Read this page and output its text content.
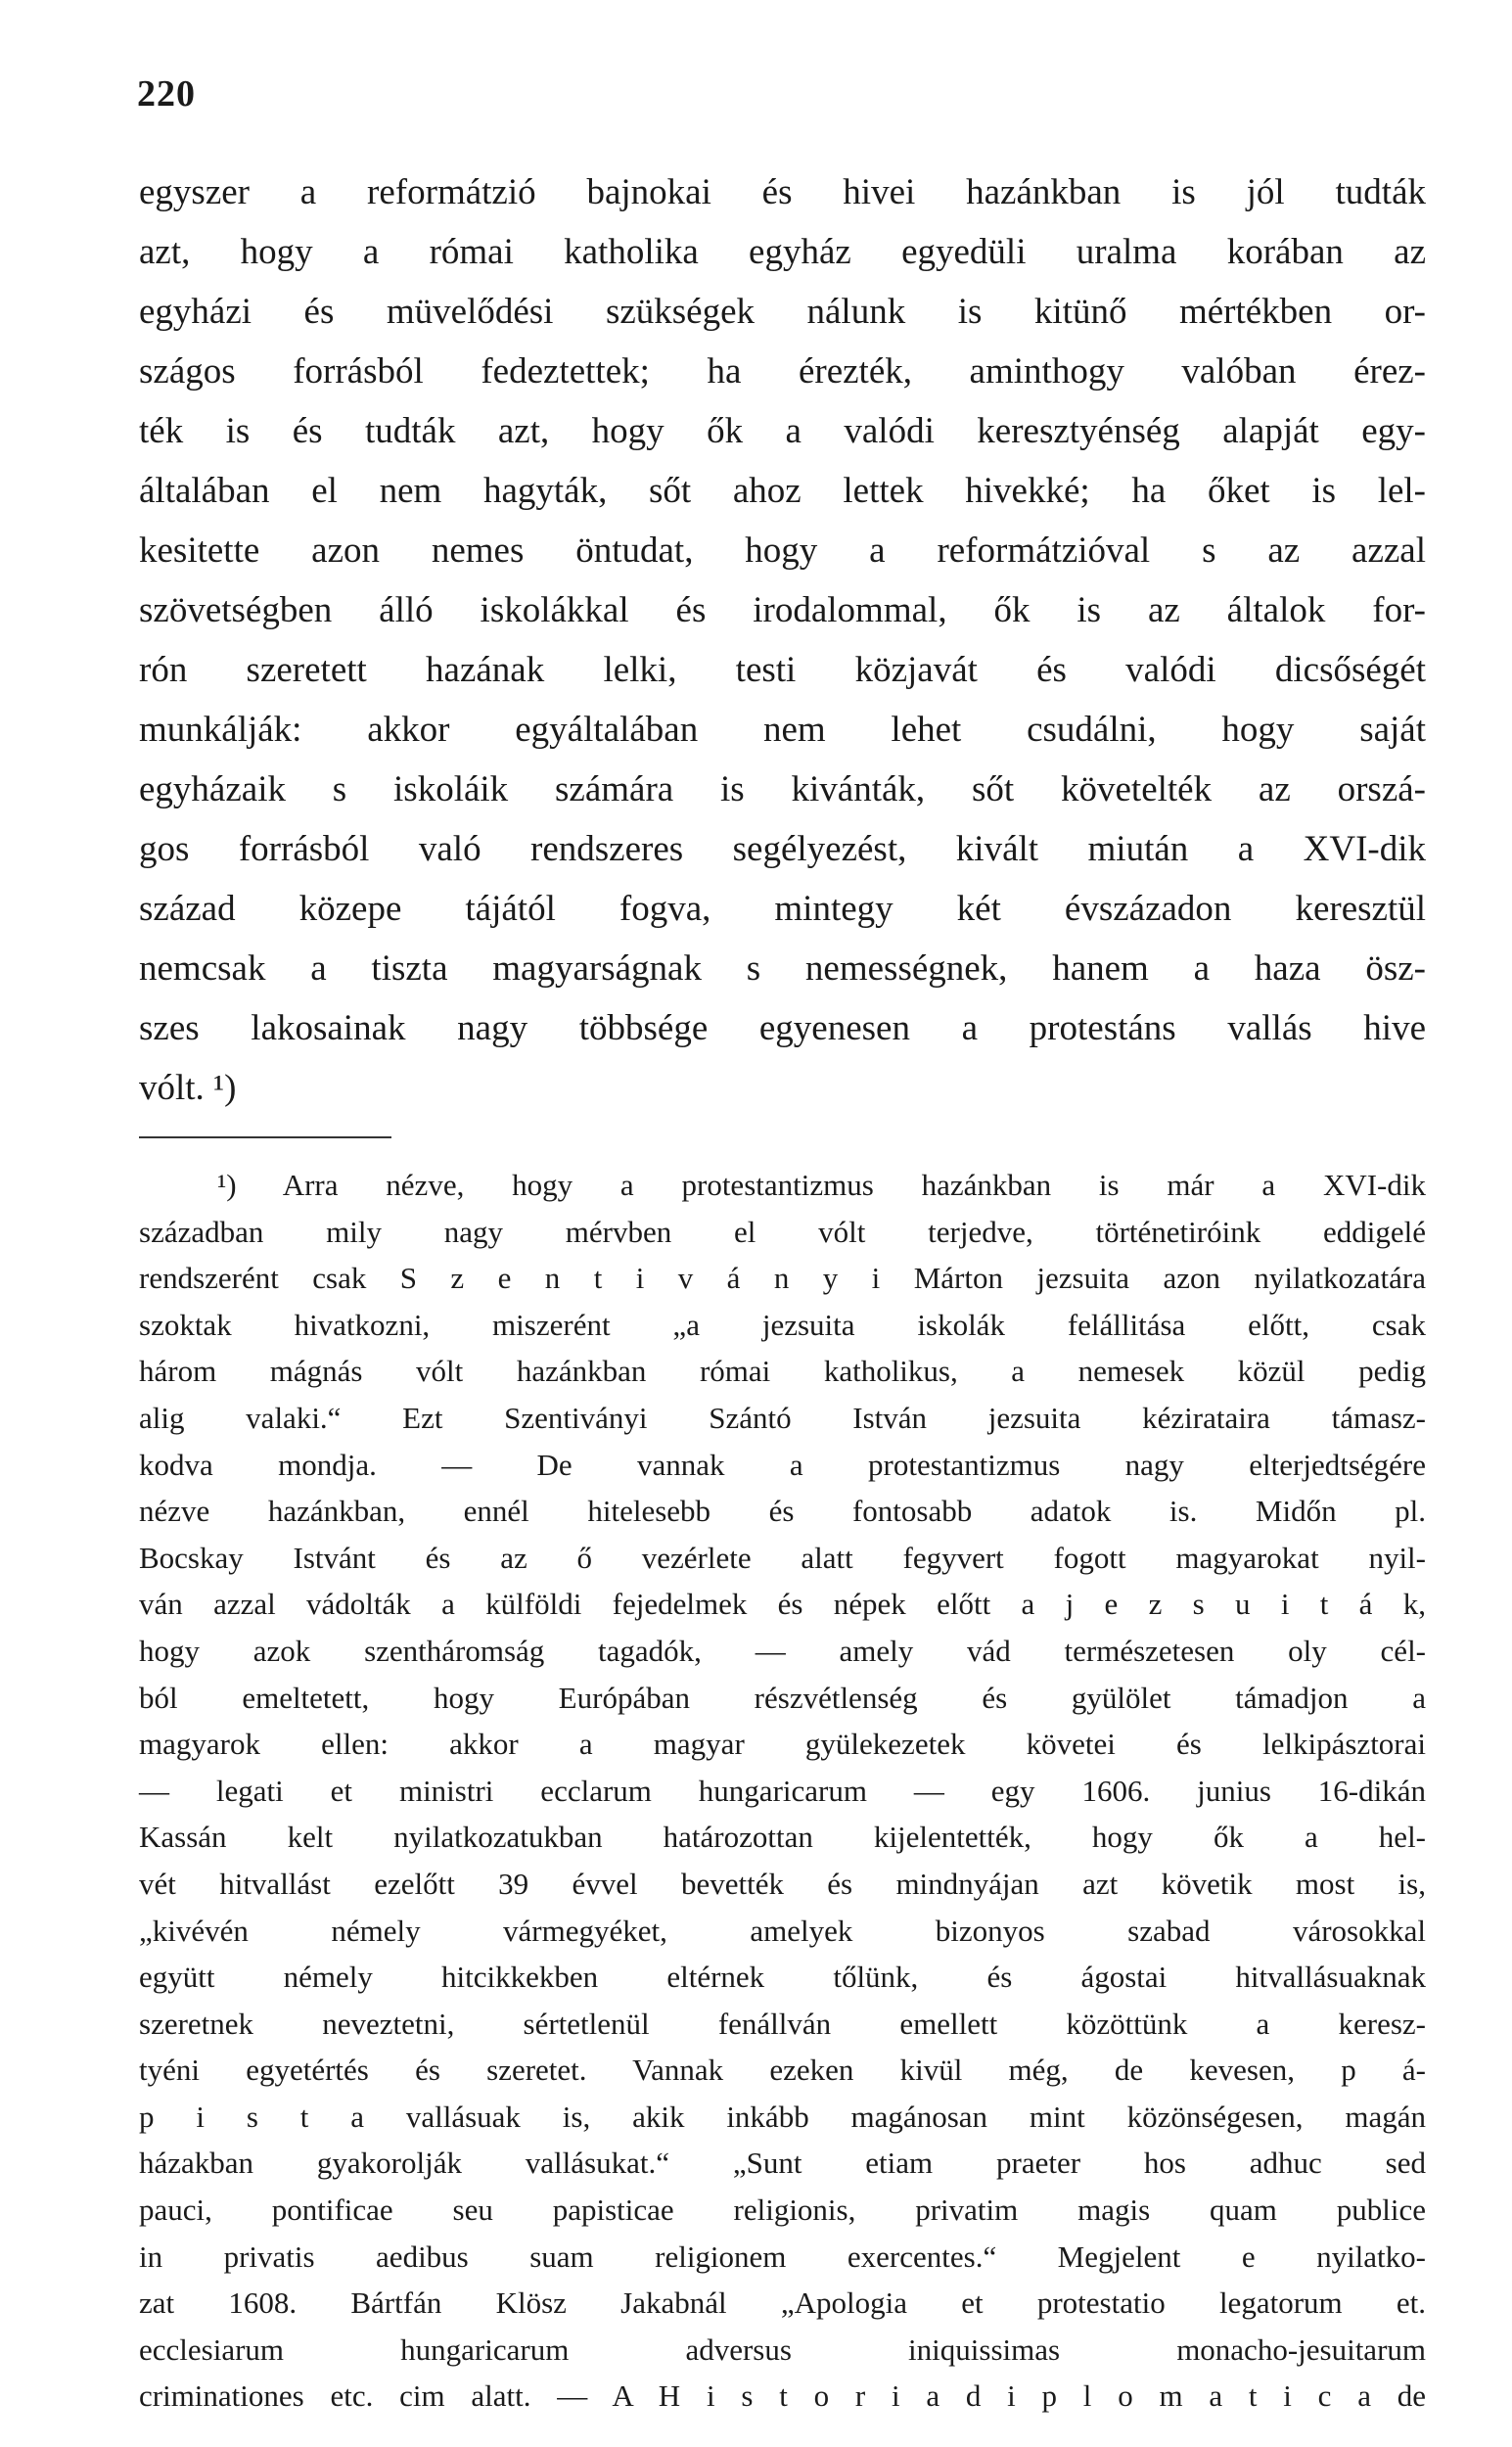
220
egyszer a reformátzió bajnokai és hivei hazánkban is jól tudták
azt, hogy a római katholika egyház egyedüli uralma korában az
egyházi és müvelődési szükségek nálunk is kitünő mértékben or-
szágos forrásból fedeztettek; ha érezték, aminthogy valóban érez-
ték is és tudták azt, hogy ők a valódi keresztyénség alapját egy-
általában el nem hagyták, sőt ahoz lettek hivekké; ha őket is lel-
kesitette azon nemes öntudat, hogy a reformátzióval s az azzal
szövetségben álló iskolákkal és irodalommal, ők is az általok for-
rón szeretett hazának lelki, testi közjavát és valódi dicsőségét
munkálják: akkor egyáltalában nem lehet csudálni, hogy saját
egyházaik s iskoláik számára is kivánták, sőt követelték az orszá-
gos forrásból való rendszeres segélyezést, kivált miután a XVI-dik
század közepe tájától fogva, mintegy két évszázadon keresztül
nemcsak a tiszta magyarságnak s nemességnek, hanem a haza ösz-
szes lakosainak nagy többsége egyenesen a protestáns vallás hive
vólt. ¹)
¹) Arra nézve, hogy a protestantizmus hazánkban is már a XVI-dik
században mily nagy mérvben el vólt terjedve, történetiróink eddigelé
rendszerént csak S z e n t i v á n y i Márton jezsuita azon nyilatkozatára
szoktak hivatkozni, miszerént „a jezsuita iskolák felállitása előtt, csak
három mágnás vólt hazánkban római katholikus, a nemesek közül pedig
alig valaki.“ Ezt Szentiványi Szántó István jezsuita kézirataira támasz-
kodva mondja. — De vannak a protestantizmus nagy elterjedtségére
nézve hazánkban, ennél hitelesebb és fontosabb adatok is. Midőn pl.
Bocskay Istvánt és az ő vezérlete alatt fegyvert fogott magyarokat nyil-
ván azzal vádolták a külföldi fejedelmek és népek előtt a j e z s u i t á k,
hogy azok szentháromság tagadók, — amely vád természetesen oly cél-
ból emeltetett, hogy Európában részvétlenség és gyülölet támadjon a
magyarok ellen: akkor a magyar gyülekezetek követei és lelkipásztorai
— legati et ministri ecclarum hungaricarum — egy 1606. junius 16-dikán
Kassán kelt nyilatkozatukban határozottan kijelentették, hogy ők a hel-
vét hitvallást ezelőtt 39 évvel bevették és mindnyájan azt követik most is,
„kivévén némely vármegyéket, amelyek bizonyos szabad városokkal
együtt némely hitcikkekben eltérnek tőlünk, és ágostai hitvallásuaknak
szeretnek neveztetni, sértetlenül fenállván emellett közöttünk a keresz-
tyéni egyetértés és szeretet. Vannak ezeken kivül még, de kevesen, p á-
p i s t a vallásuak is, akik inkább magánosan mint közönségesen, magán
házakban gyakorolják vallásukat.“ „Sunt etiam praeter hos adhuc sed
pauci, pontificae seu papisticae religionis, privatim magis quam publice
in privatis aedibus suam religionem exercentes.“ Megjelent e nyilatko-
zat 1608. Bártfán Klösz Jakabnál „Apologia et protestatio legatorum et.
ecclesiarum hungaricarum adversus iniquissimas monacho-jesuitarum
criminationes etc. cim alatt. — A H i s t o r i a d i p l o m a t i c a de
